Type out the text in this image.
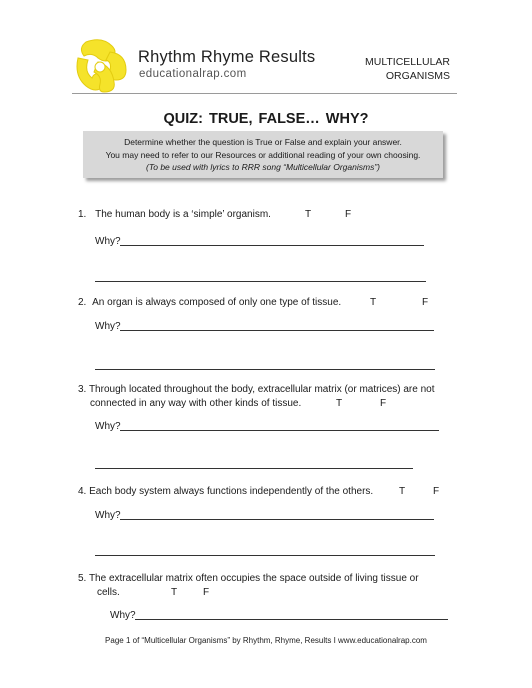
Rhythm Rhyme Results
educationalrap.com
MULTICELLULAR
ORGANISMS
QUIZ: TRUE, FALSE… WHY?
Determine whether the question is True or False and explain your answer.
You may need to refer to our Resources or additional reading of your own choosing.
(To be used with lyrics to RRR song “Multicellular Organisms”)
1. The human body is a ‘simple’ organism.	T	F
Why?
2. An organ is always composed of only one type of tissue.	T	F
Why?
3. Through located throughout the body, extracellular matrix (or matrices) are not
connected in any way with other kinds of tissue.	T	F
Why?
4. Each body system always functions independently of the others.	T	F
Why?
5. The extracellular matrix often occupies the space outside of living tissue or
cells.	T	F
Why?
Page 1 of “Multicellular Organisms” by Rhythm, Rhyme, Results I www.educationalrap.com
